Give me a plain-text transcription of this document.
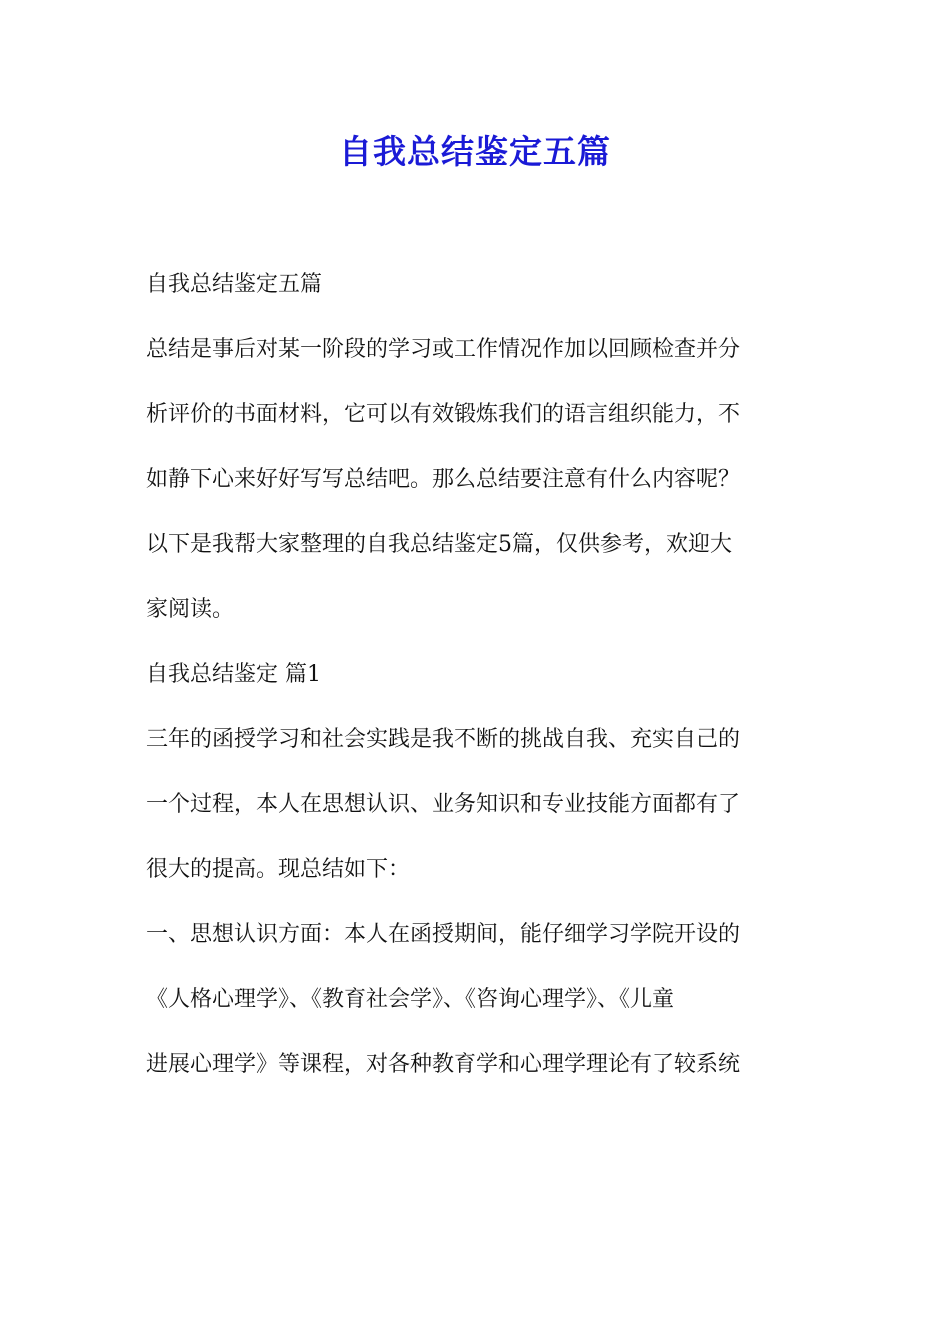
自我总结鉴定五篇
自我总结鉴定五篇
总结是事后对某一阶段的学习或工作情况作加以回顾检查并分
析评价的书面材料，它可以有效锻炼我们的语言组织能力，不
如静下心来好好写写总结吧。那么总结要注意有什么内容呢？
以下是我帮大家整理的自我总结鉴定5篇，仅供参考，欢迎大
家阅读。
自我总结鉴定 篇1
三年的函授学习和社会实践是我不断的挑战自我、充实自己的
一个过程，本人在思想认识、业务知识和专业技能方面都有了
很大的提高。现总结如下：
一、思想认识方面：本人在函授期间，能仔细学习学院开设的
《人格心理学》、《教育社会学》、《咨询心理学》、《儿童
进展心理学》等课程，对各种教育学和心理学理论有了较系统
